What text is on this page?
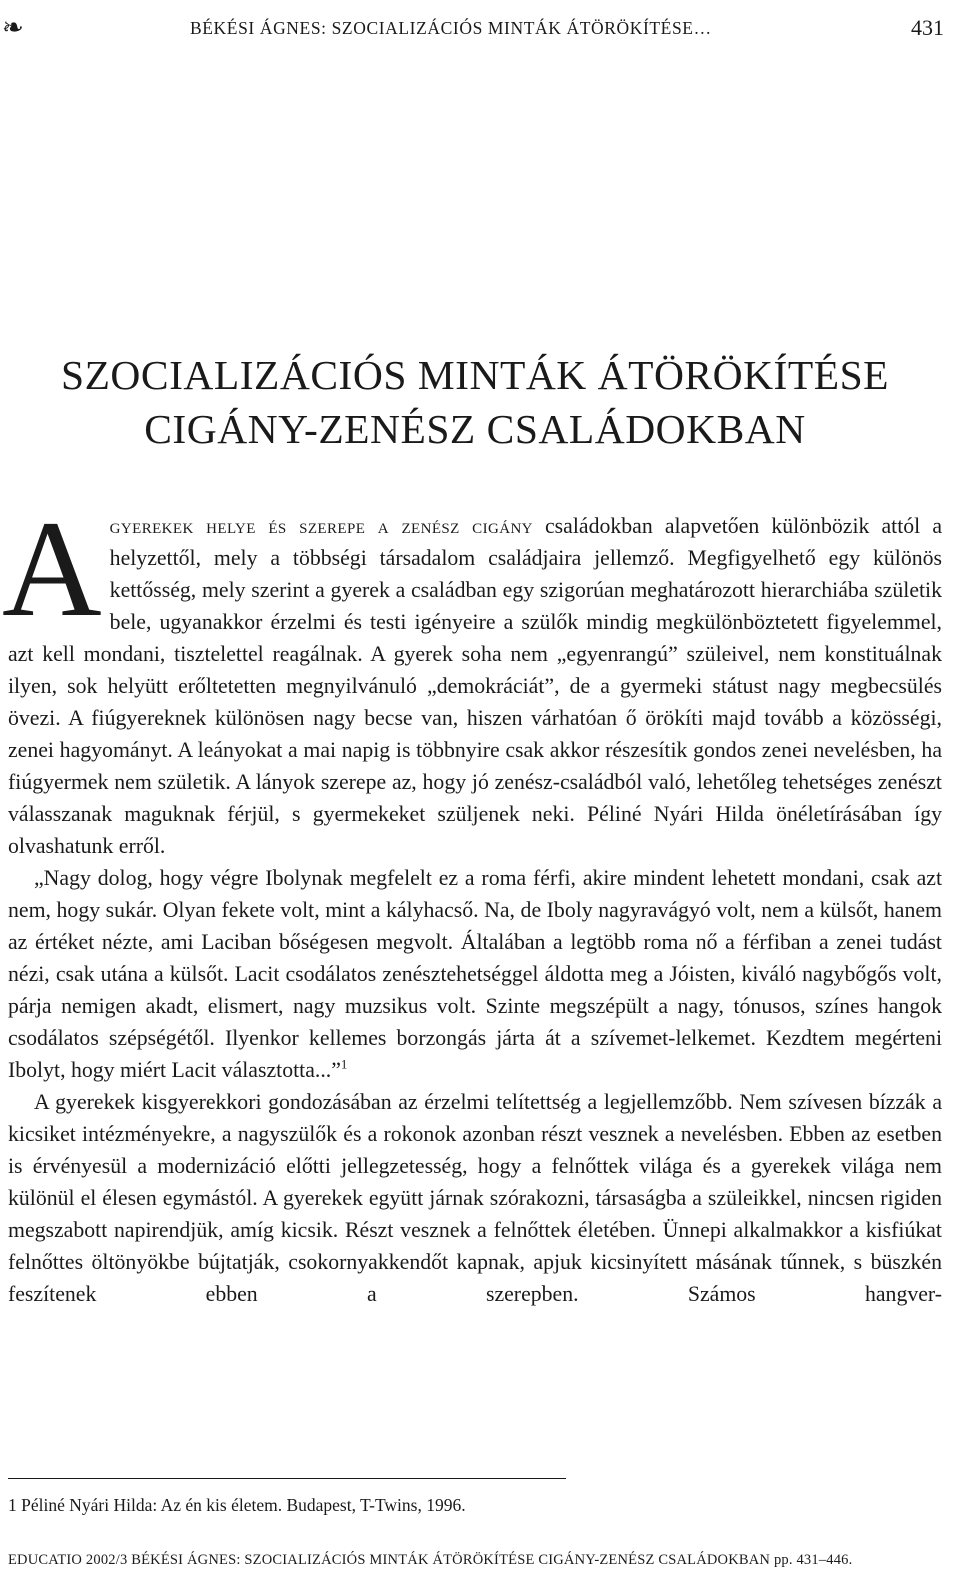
❧	BÉKÉSI ÁGNES: SZOCIALIZÁCIÓS MINTÁK ÁTÖRÖKÍTÉSE…	431
SZOCIALIZÁCIÓS MINTÁK ÁTÖRÖKÍTÉSE
CIGÁNY-ZENÉSZ CSALÁDOKBAN

Agyerekek helye és szerepe a zenész cigány családokban alapvetően különbözik attól a helyzettől, mely a többségi társadalom családjaira jellemző. Megfigyelhető egy különös kettősség, mely szerint a gyerek a családban egy szigorúan meghatározott hierarchiába születik bele, ugyanakkor érzelmi és testi igényeire a szülők mindig megkülönböztetett figyelemmel, azt kell mondani, tisztelettel reagálnak. A gyerek soha nem „egyenrangú” szüleivel, nem konstituálnak ilyen, sok helyütt erőltetetten megnyilvánuló „demokráciát”, de a gyermeki státust nagy megbecsülés övezi. A fiúgyereknek különösen nagy becse van, hiszen várhatóan ő örökíti majd tovább a közösségi, zenei hagyományt. A leányokat a mai napig is többnyire csak akkor részesítik gondos zenei nevelésben, ha fiúgyermek nem születik. A lányok szerepe az, hogy jó zenész-családból való, lehetőleg tehetséges zenészt válasszanak maguknak férjül, s gyermekeket szüljenek neki. Péliné Nyári Hilda önéletírásában így olvashatunk erről.

„Nagy dolog, hogy végre Ibolynak megfelelt ez a roma férfi, akire mindent lehetett mondani, csak azt nem, hogy sukár. Olyan fekete volt, mint a kályhacső. Na, de Iboly nagyravágyó volt, nem a külsőt, hanem az értéket nézte, ami Laciban bőségesen megvolt. Általában a legtöbb roma nő a férfiban a zenei tudást nézi, csak utána a külsőt. Lacit csodálatos zenésztehetséggel áldotta meg a Jóisten, kiváló nagybőgős volt, párja nemigen akadt, elismert, nagy muzsikus volt. Szinte megszépült a nagy, tónusos, színes hangok csodálatos szépségétől. Ilyenkor kellemes borzongás járta át a szívemet-lelkemet. Kezdtem megérteni Ibolyt, hogy miért Lacit választotta...”$^1$

A gyerekek kisgyerekkori gondozásában az érzelmi telítettség a legjellemzőbb. Nem szívesen bízzák a kicsiket intézményekre, a nagyszülők és a rokonok azonban részt vesznek a nevelésben. Ebben az esetben is érvényesül a modernizáció előtti jellegzetesség, hogy a felnőttek világa és a gyerekek világa nem különül el élesen egymástól. A gyerekek együtt járnak szórakozni, társaságba a szüleikkel, nincsen rigiden megszabott napirendjük, amíg kicsik. Részt vesznek a felnőttek életében. Ünnepi alkalmakkor a kisfiúkat felnőttes öltönyökbe bújtatják, csokornyakkendőt kapnak, apjuk kicsinyített másának tűnnek, s büszkén feszítenek ebben a szerepben. Számos hangver-

1 Péliné Nyári Hilda: Az én kis életem. Budapest, T-Twins, 1996.
EDUCATIO 2002/3 BÉKÉSI ÁGNES: SZOCIALIZÁCIÓS MINTÁK ÁTÖRÖKÍTÉSE CIGÁNY-ZENÉSZ CSALÁDOKBAN pp. 431–446.
